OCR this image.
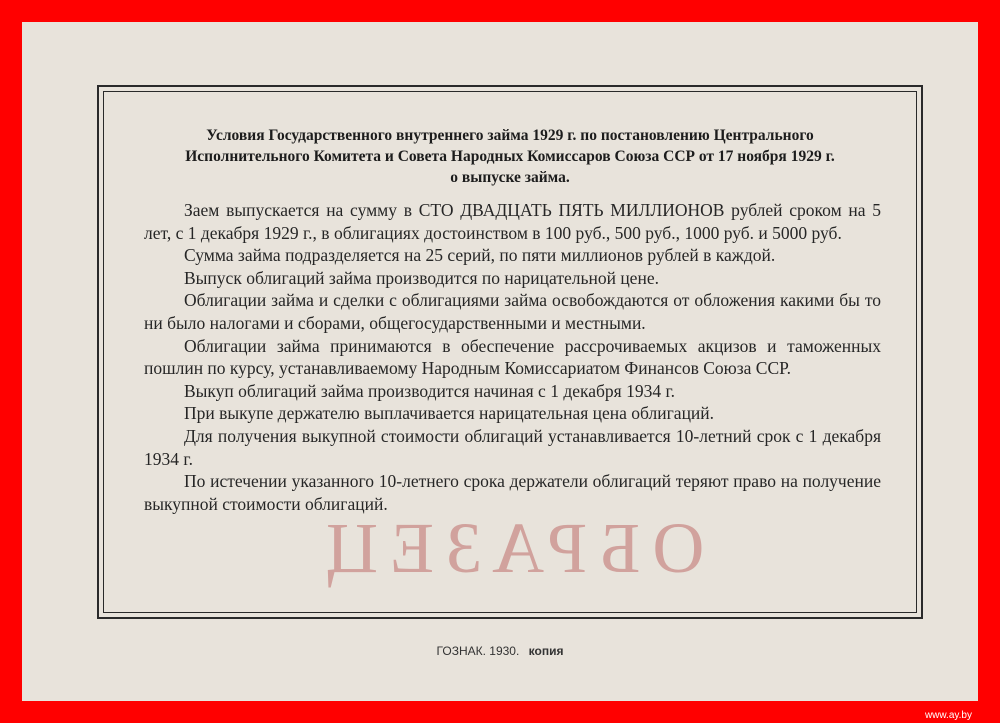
Условия Государственного внутреннего займа 1929 г. по постановлению Центрального
Исполнительного Комитета и Совета Народных Комиссаров Союза ССР от 17 ноября 1929 г.
о выпуске займа.

Заем выпускается на сумму в СТО ДВАДЦАТЬ ПЯТЬ МИЛЛИОНОВ рублей сроком на 5 лет, с 1 декабря 1929 г., в облигациях достоинством в 100 руб., 500 руб., 1000 руб. и 5000 руб.

Сумма займа подразделяется на 25 серий, по пяти миллионов рублей в каждой.

Выпуск облигаций займа производится по нарицательной цене.

Облигации займа и сделки с облигациями займа освобождаются от обложения какими бы то ни было налогами и сборами, общегосударственными и местными.

Облигации займа принимаются в обеспечение рассрочиваемых акцизов и таможенных пошлин по курсу, устанавливаемому Народным Комиссариатом Финансов Союза ССР.

Выкуп облигаций займа производится начиная с 1 декабря 1934 г.

При выкупе держателю выплачивается нарицательная цена облигаций.

Для получения выкупной стоимости облигаций устанавливается 10-летний срок с 1 декабря 1934 г.

По истечении указанного 10-летнего срока держатели облигаций теряют право на получение выкупной стоимости облигаций.

ОБРАЗЕЦ
ГОЗНАК. 1930. копия
www.ay.by
